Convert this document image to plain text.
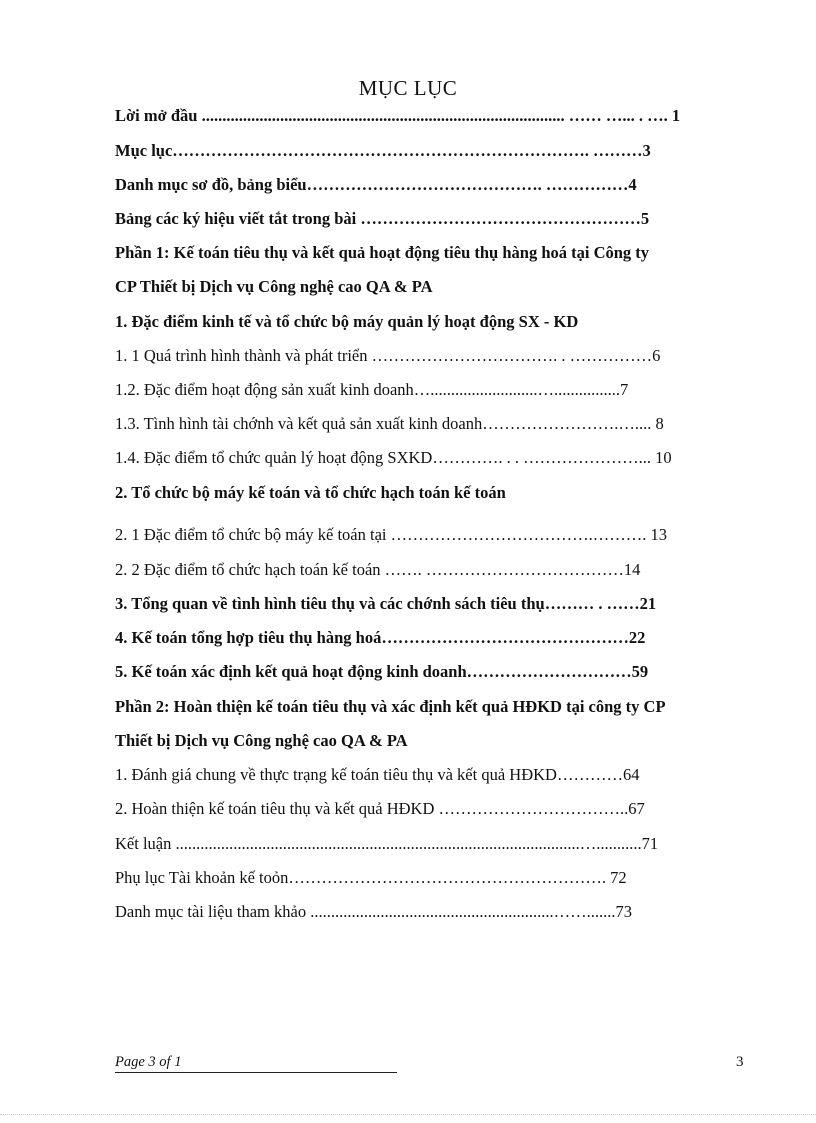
MỤC LỤC
Lời mở đầu ........................................................................................ …… …... . …. 1
Mục lục…………………………………………………………………. ………3
Danh mục sơ đồ, bảng biểu……………………………………. ……………4
Bảng các ký hiệu viết tắt trong bài ……………………………………………5
Phần 1: Kế toán tiêu thụ và kết quả hoạt động tiêu thụ hàng hoá tại Công ty
CP Thiết bị Dịch vụ Công nghệ cao QA & PA
1. Đặc điểm kinh tế và tổ chức bộ máy quản lý hoạt động SX - KD
1. 1 Quá trình hình thành và phát triển ……………………………. . ……………6
1.2. Đặc điểm hoạt động sản xuất kinh doanh…..........................…................7
1.3. Tình hình tài chớnh và kết quả sản xuất kinh doanh…………………….….... 8
1.4. Đặc điểm tổ chức quản lý hoạt động SXKD…………. . . …………………... 10
2. Tổ chức bộ máy kế toán và tổ chức hạch toán kế toán
2. 1 Đặc điểm tổ chức bộ máy kế toán tại ……………………………….………. 13
2. 2 Đặc điểm tổ chức hạch toán kế toán ……. ………………………………14
3. Tổng quan về tình hình tiêu thụ và các chớnh sách tiêu thụ……… . ……21
4. Kế toán tổng hợp tiêu thụ hàng hoá………………………………………22
5. Kế toán xác định kết quả hoạt động kinh doanh…………………………59
Phần 2: Hoàn thiện kế toán tiêu thụ và xác định kết quả HĐKD tại công ty CP
Thiết bị Dịch vụ Công nghệ cao QA & PA
1. Đánh giá chung về thực trạng kế toán tiêu thụ và kết quả HĐKD…………64
2. Hoàn thiện kế toán tiêu thụ và kết quả HĐKD ……………………………..67
Kết luận ..................................................................................................…...........71
Phụ lục Tài khoản kế toỏn…………………………………………………. 72
Danh mục tài liệu tham khảo ...........................................................…….......73
Page 3 of 1	3
